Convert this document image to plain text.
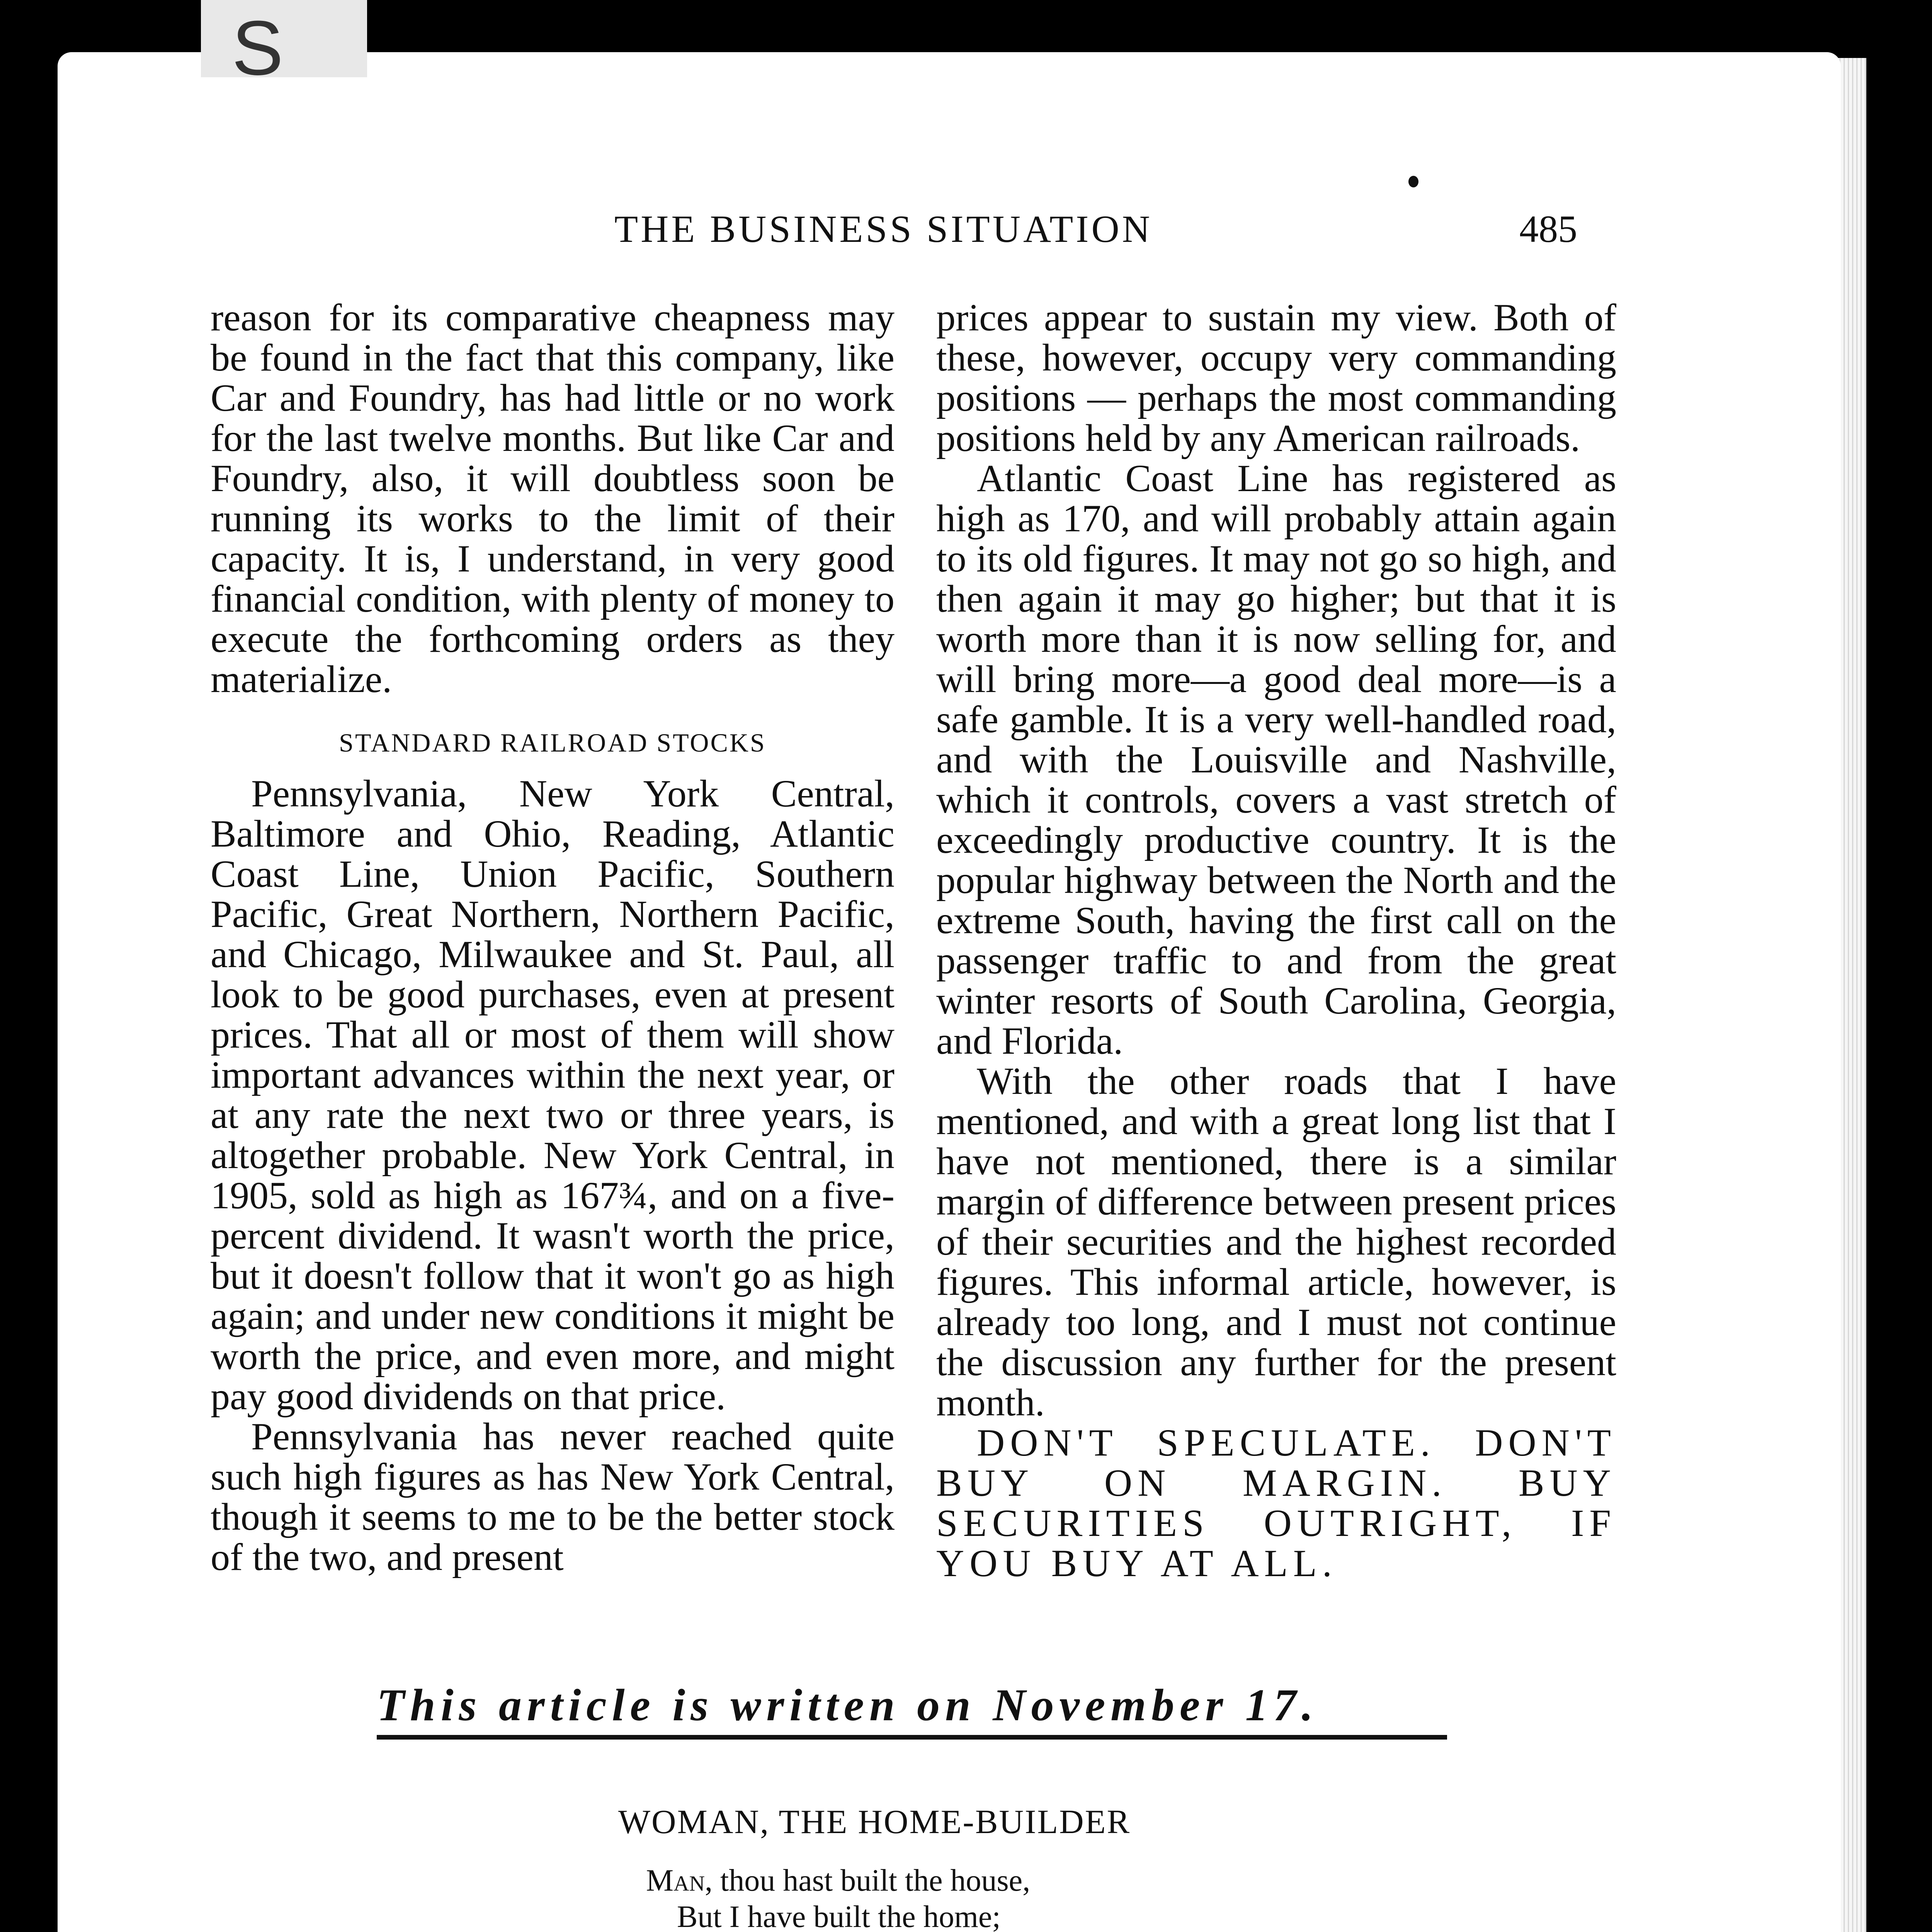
S
THE BUSINESS SITUATION	485

reason for its comparative cheapness may be found in the fact that this company, like Car and Foundry, has had little or no work for the last twelve months. But like Car and Foundry, also, it will doubtless soon be running its works to the limit of their capacity. It is, I understand, in very good financial condition, with plenty of money to execute the forthcoming orders as they materialize.

STANDARD RAILROAD STOCKS

Pennsylvania, New York Central, Baltimore and Ohio, Reading, Atlantic Coast Line, Union Pacific, Southern Pacific, Great Northern, Northern Pacific, and Chicago, Milwaukee and St. Paul, all look to be good purchases, even at present prices. That all or most of them will show important advances within the next year, or at any rate the next two or three years, is altogether probable. New York Central, in 1905, sold as high as 167¾, and on a five-percent dividend. It wasn't worth the price, but it doesn't follow that it won't go as high again; and under new conditions it might be worth the price, and even more, and might pay good dividends on that price.

Pennsylvania has never reached quite such high figures as has New York Central, though it seems to me to be the better stock of the two, and present

prices appear to sustain my view. Both of these, however, occupy very commanding positions — perhaps the most commanding positions held by any American railroads.

Atlantic Coast Line has registered as high as 170, and will probably attain again to its old figures. It may not go so high, and then again it may go higher; but that it is worth more than it is now selling for, and will bring more—a good deal more—is a safe gamble. It is a very well-handled road, and with the Louisville and Nashville, which it controls, covers a vast stretch of exceedingly productive country. It is the popular highway between the North and the extreme South, having the first call on the passenger traffic to and from the great winter resorts of South Carolina, Georgia, and Florida.

With the other roads that I have mentioned, and with a great long list that I have not mentioned, there is a similar margin of difference between present prices of their securities and the highest recorded figures. This informal article, however, is already too long, and I must not continue the discussion any further for the present month.

DON'T SPECULATE. DON'T BUY ON MARGIN. BUY SECURITIES OUTRIGHT, IF YOU BUY AT ALL.

This article is written on November 17.
WOMAN, THE HOME-BUILDER
Man, thou hast built the house,
But I have built the home;
